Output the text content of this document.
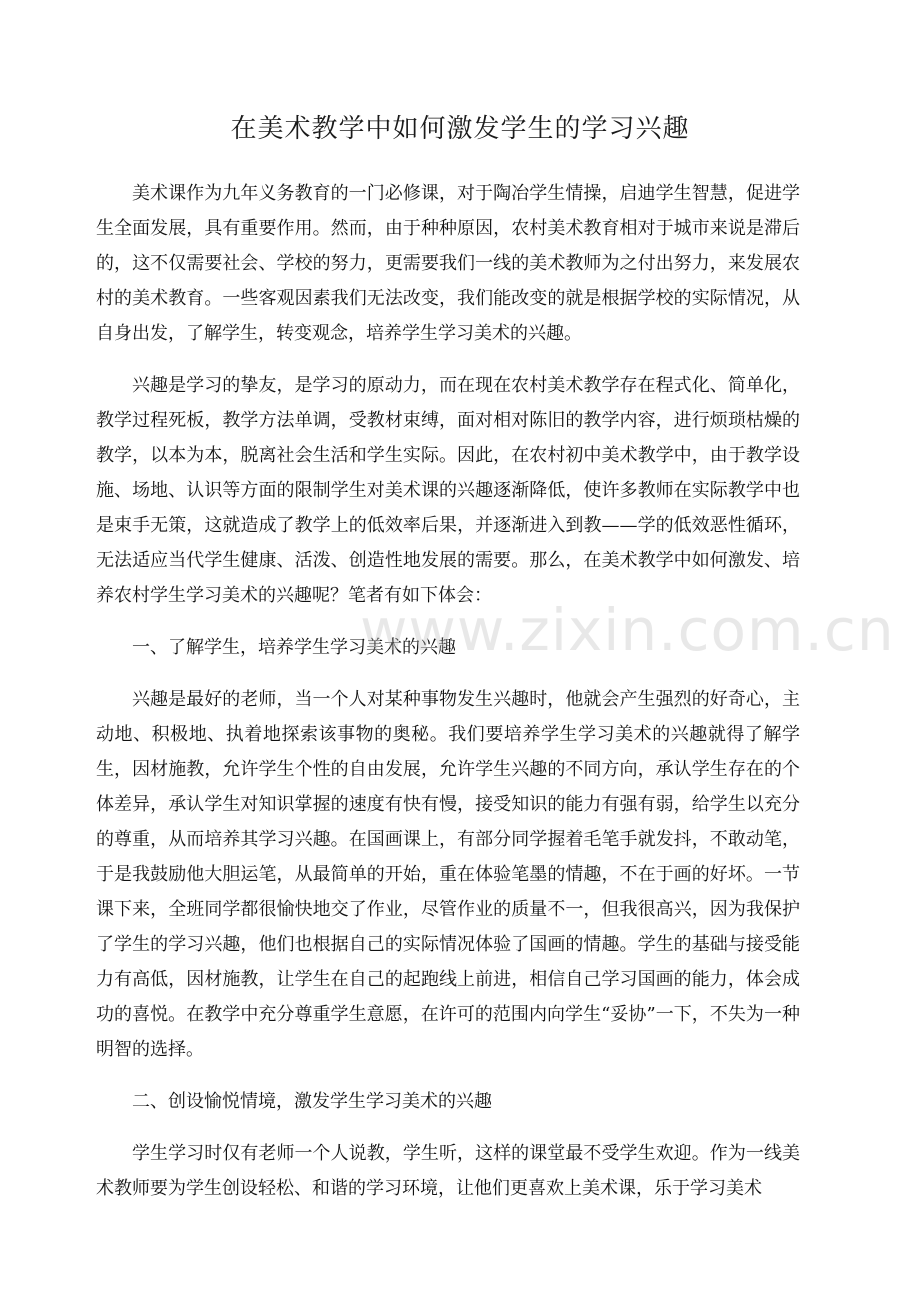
在美术教学中如何激发学生的学习兴趣

美术课作为九年义务教育的一门必修课，对于陶冶学生情操，启迪学生智慧，促进学生全面发展，具有重要作用。然而，由于种种原因，农村美术教育相对于城市来说是滞后的，这不仅需要社会、学校的努力，更需要我们一线的美术教师为之付出努力，来发展农村的美术教育。一些客观因素我们无法改变，我们能改变的就是根据学校的实际情况，从自身出发，了解学生，转变观念，培养学生学习美术的兴趣。

兴趣是学习的挚友，是学习的原动力，而在现在农村美术教学存在程式化、简单化，教学过程死板，教学方法单调，受教材束缚，面对相对陈旧的教学内容，进行烦琐枯燥的教学，以本为本，脱离社会生活和学生实际。因此，在农村初中美术教学中，由于教学设施、场地、认识等方面的限制学生对美术课的兴趣逐渐降低，使许多教师在实际教学中也是束手无策，这就造成了教学上的低效率后果，并逐渐进入到教——学的低效恶性循环，无法适应当代学生健康、活泼、创造性地发展的需要。那么，在美术教学中如何激发、培养农村学生学习美术的兴趣呢？笔者有如下体会：

一、了解学生，培养学生学习美术的兴趣

兴趣是最好的老师，当一个人对某种事物发生兴趣时，他就会产生强烈的好奇心，主动地、积极地、执着地探索该事物的奥秘。我们要培养学生学习美术的兴趣就得了解学生，因材施教，允许学生个性的自由发展，允许学生兴趣的不同方向，承认学生存在的个体差异，承认学生对知识掌握的速度有快有慢，接受知识的能力有强有弱，给学生以充分的尊重，从而培养其学习兴趣。在国画课上，有部分同学握着毛笔手就发抖，不敢动笔，于是我鼓励他大胆运笔，从最简单的开始，重在体验笔墨的情趣，不在于画的好坏。一节课下来，全班同学都很愉快地交了作业，尽管作业的质量不一，但我很高兴，因为我保护了学生的学习兴趣，他们也根据自己的实际情况体验了国画的情趣。学生的基础与接受能力有高低，因材施教，让学生在自己的起跑线上前进，相信自己学习国画的能力，体会成功的喜悦。在教学中充分尊重学生意愿，在许可的范围内向学生“妥协”一下，不失为一种明智的选择。

二、创设愉悦情境，激发学生学习美术的兴趣

学生学习时仅有老师一个人说教，学生听，这样的课堂最不受学生欢迎。作为一线美术教师要为学生创设轻松、和谐的学习环境，让他们更喜欢上美术课，乐于学习美术

www.zixin.com.cn
